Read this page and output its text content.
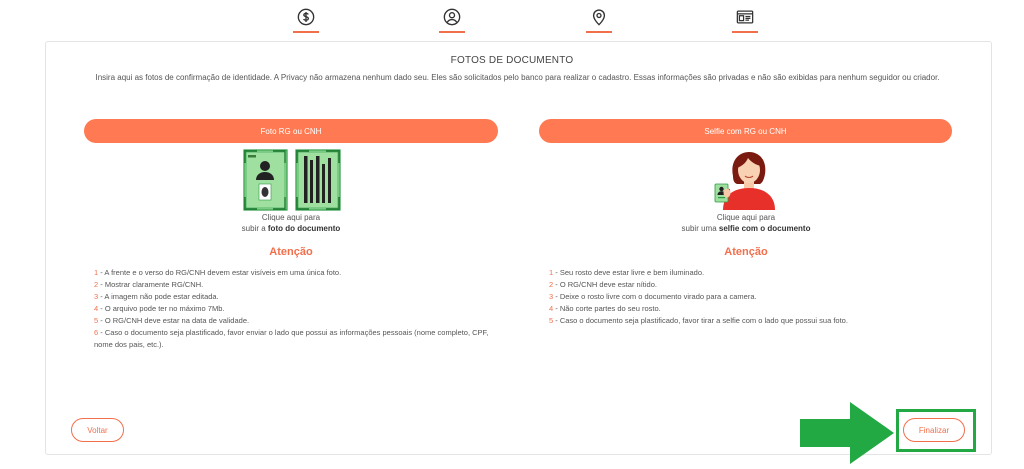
FOTOS DE DOCUMENTO
Insira aqui as fotos de confirmação de identidade. A Privacy não armazena nenhum dado seu. Eles são solicitados pelo banco para realizar o cadastro. Essas informações são privadas e não são exibidas para nenhum seguidor ou criador.
Foto RG ou CNH
Clique aqui para
subir a foto do documento
Atenção
1 - A frente e o verso do RG/CNH devem estar visíveis em uma única foto.
2 - Mostrar claramente RG/CNH.
3 - A imagem não pode estar editada.
4 - O arquivo pode ter no máximo 7Mb.
5 - O RG/CNH deve estar na data de validade.
6 - Caso o documento seja plastificado, favor enviar o lado que possui as informações pessoais (nome completo, CPF, nome dos pais, etc.).
Selfie com RG ou CNH
Clique aqui para
subir uma selfie com o documento
Atenção
1 - Seu rosto deve estar livre e bem iluminado.
2 - O RG/CNH deve estar nítido.
3 - Deixe o rosto livre com o documento virado para a camera.
4 - Não corte partes do seu rosto.
5 - Caso o documento seja plastificado, favor tirar a selfie com o lado que possui sua foto.
Voltar	Finalizar
